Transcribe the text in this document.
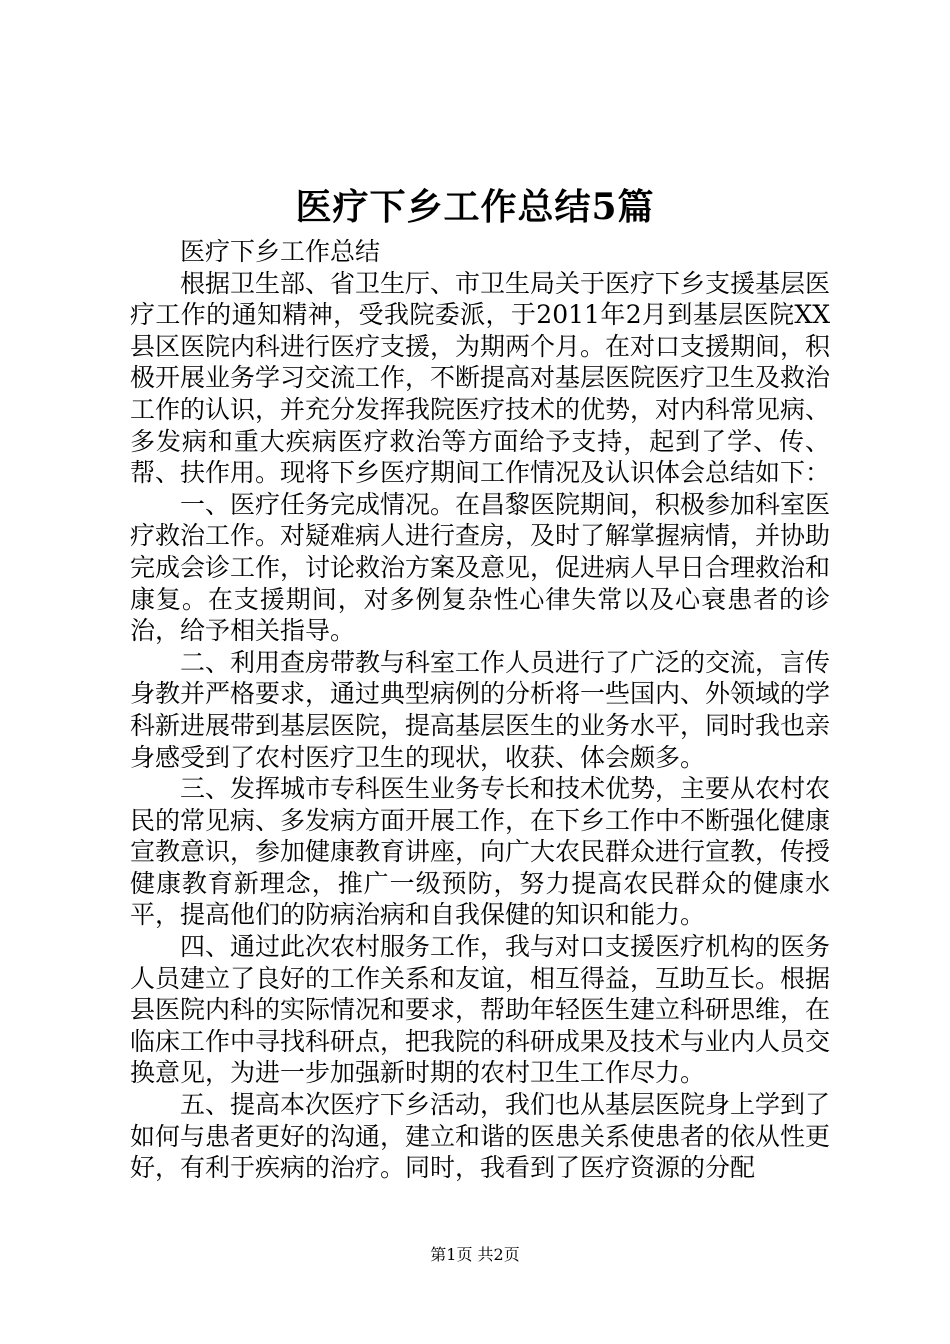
医疗下乡工作总结5篇

医疗下乡工作总结

根据卫生部、省卫生厅、市卫生局关于医疗下乡支援基层医疗工作的通知精神，受我院委派，于2011年2月到基层医院XX县区医院内科进行医疗支援，为期两个月。在对口支援期间，积极开展业务学习交流工作，不断提高对基层医院医疗卫生及救治工作的认识，并充分发挥我院医疗技术的优势，对内科常见病、多发病和重大疾病医疗救治等方面给予支持，起到了学、传、帮、扶作用。现将下乡医疗期间工作情况及认识体会总结如下：

一、医疗任务完成情况。在昌黎医院期间，积极参加科室医疗救治工作。对疑难病人进行查房，及时了解掌握病情，并协助完成会诊工作，讨论救治方案及意见，促进病人早日合理救治和康复。在支援期间，对多例复杂性心律失常以及心衰患者的诊治，给予相关指导。

二、利用查房带教与科室工作人员进行了广泛的交流，言传身教并严格要求，通过典型病例的分析将一些国内、外领域的学科新进展带到基层医院，提高基层医生的业务水平，同时我也亲身感受到了农村医疗卫生的现状，收获、体会颇多。

三、发挥城市专科医生业务专长和技术优势，主要从农村农民的常见病、多发病方面开展工作，在下乡工作中不断强化健康宣教意识，参加健康教育讲座，向广大农民群众进行宣教，传授健康教育新理念，推广一级预防，努力提高农民群众的健康水平，提高他们的防病治病和自我保健的知识和能力。

四、通过此次农村服务工作，我与对口支援医疗机构的医务人员建立了良好的工作关系和友谊，相互得益，互助互长。根据县医院内科的实际情况和要求，帮助年轻医生建立科研思维，在临床工作中寻找科研点，把我院的科研成果及技术与业内人员交换意见，为进一步加强新时期的农村卫生工作尽力。

五、提高本次医疗下乡活动，我们也从基层医院身上学到了如何与患者更好的沟通，建立和谐的医患关系使患者的依从性更好，有利于疾病的治疗。同时，我看到了医疗资源的分配

第1页 共2页
